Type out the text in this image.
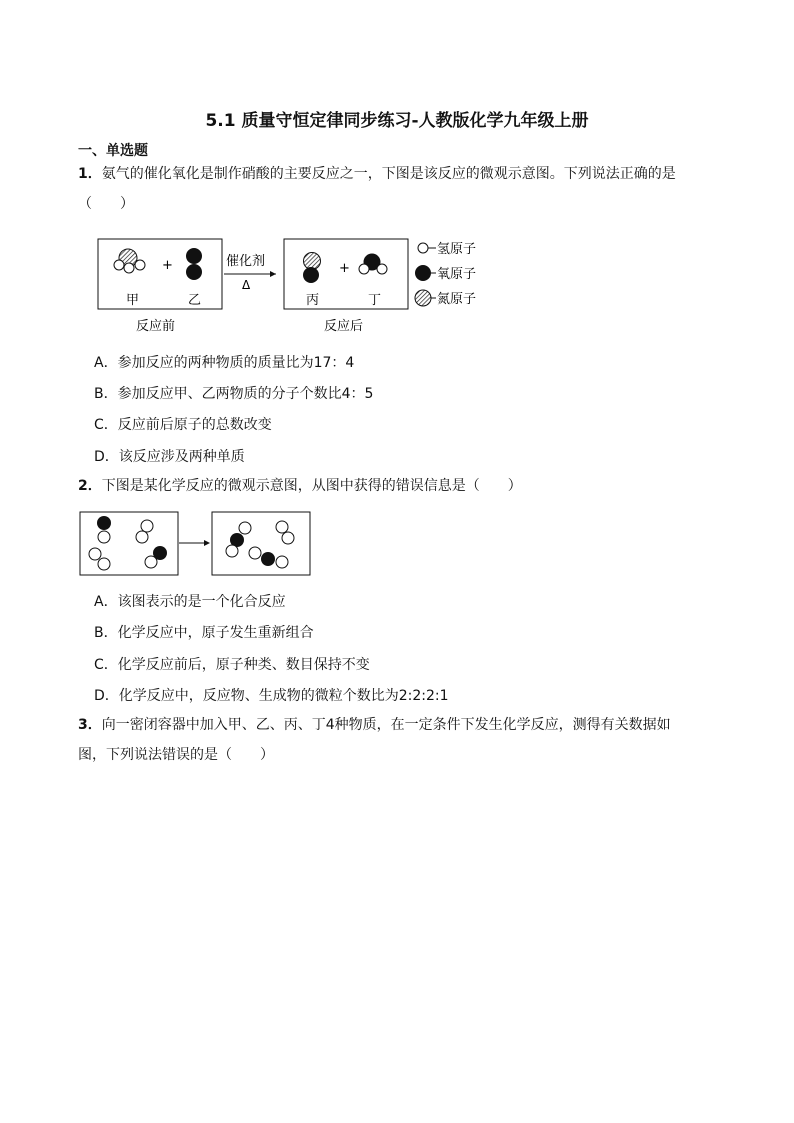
5.1 质量守恒定律同步练习-人教版化学九年级上册
一、单选题
1．氨气的催化氧化是制作硝酸的主要反应之一，下图是该反应的微观示意图。下列说法正确的是
（　　）
+
甲	乙
反应前
催化剂
Δ
+
丙	丁
反应后
氢原子
氧原子
氮原子
A．参加反应的两种物质的质量比为17：4
B．参加反应甲、乙两物质的分子个数比4：5
C．反应前后原子的总数改变
D．该反应涉及两种单质
2．下图是某化学反应的微观示意图，从图中获得的错误信息是（　　）
A．该图表示的是一个化合反应
B．化学反应中，原子发生重新组合
C．化学反应前后，原子种类、数目保持不变
D．化学反应中，反应物、生成物的微粒个数比为2:2:2:1
3．向一密闭容器中加入甲、乙、丙、丁4种物质，在一定条件下发生化学反应，测得有关数据如
图，下列说法错误的是（　　）
